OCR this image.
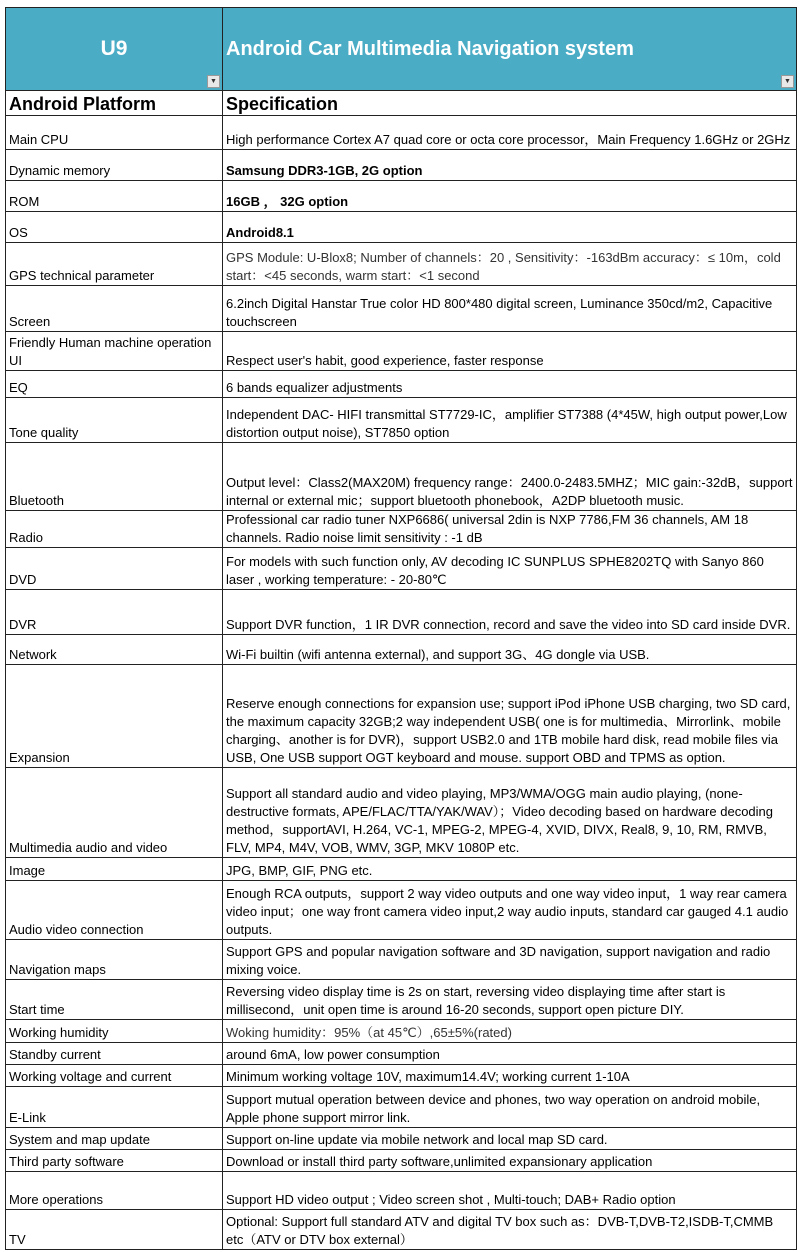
U9
▼	Android Car Multimedia Navigation system
▼

Android Platform	Specification
Main CPU	High performance Cortex A7 quad core or octa core processor，Main Frequency 1.6GHz or 2GHz
Dynamic memory	Samsung DDR3-1GB, 2G option
ROM	16GB ， 32G option
OS	Android8.1
GPS technical parameter	GPS Module: U-Blox8; Number of channels：20 , Sensitivity：-163dBm accuracy：≤ 10m，cold start：<45 seconds, warm start：<1 second
Screen	6.2inch Digital Hanstar True color HD 800*480 digital screen, Luminance 350cd/m2, Capacitive touchscreen
Friendly Human machine operation UI	Respect user's habit, good experience, faster response
EQ	6 bands equalizer adjustments
Tone quality	Independent DAC- HIFI transmittal ST7729-IC，amplifier ST7388 (4*45W, high output power,Low distortion output noise), ST7850 option
Bluetooth	Output level：Class2(MAX20M) frequency range：2400.0-2483.5MHZ；MIC gain:-32dB，support internal or external mic；support bluetooth phonebook，A2DP bluetooth music.
Radio	Professional car radio tuner NXP6686( universal 2din is NXP 7786,FM 36 channels, AM 18 channels. Radio noise limit sensitivity : -1 dB
DVD	For models with such function only, AV decoding IC SUNPLUS SPHE8202TQ with Sanyo 860 laser , working temperature: - 20-80℃
DVR	Support DVR function，1 IR DVR connection, record and save the video into SD card inside DVR.
Network	Wi-Fi builtin (wifi antenna external), and support 3G、4G dongle via USB.
Expansion	Reserve enough connections for expansion use; support iPod iPhone USB charging, two SD card, the maximum capacity 32GB;2 way independent USB( one is for multimedia、Mirrorlink、mobile charging、another is for DVR)，support USB2.0 and 1TB mobile hard disk, read mobile files via USB, One USB support OGT keyboard and mouse. support OBD and TPMS as option.
Multimedia audio and video	Support all standard audio and video playing, MP3/WMA/OGG main audio playing, (none-destructive formats, APE/FLAC/TTA/YAK/WAV）；Video decoding based on hardware decoding method，supportAVI, H.264, VC-1, MPEG-2, MPEG-4, XVID, DIVX, Real8, 9, 10, RM, RMVB, FLV, MP4, M4V, VOB, WMV, 3GP, MKV 1080P etc.
Image	JPG, BMP, GIF, PNG etc.
Audio video connection	Enough RCA outputs，support 2 way video outputs and one way video input，1 way rear camera video input；one way front camera video input,2 way audio inputs, standard car gauged 4.1 audio outputs.
Navigation maps	Support GPS and popular navigation software and 3D navigation, support navigation and radio mixing voice.
Start time	Reversing video display time is 2s on start, reversing video displaying time after start is millisecond，unit open time is around 16-20 seconds, support open picture DIY.
Working humidity	Woking humidity：95%（at 45℃）,65±5%(rated)
Standby current	around 6mA, low power consumption
Working voltage and current	Minimum working voltage 10V, maximum14.4V; working current 1-10A
E-Link	Support mutual operation between device and phones, two way operation on android mobile, Apple phone support mirror link.
System and map update	Support on-line update via mobile network and local map SD card.
Third party software	Download or install third party software,unlimited expansionary application
More operations	Support HD video output ; Video screen shot , Multi-touch; DAB+ Radio option
TV	Optional: Support full standard ATV and digital TV box such as：DVB-T,DVB-T2,ISDB-T,CMMB etc（ATV or DTV box external）
